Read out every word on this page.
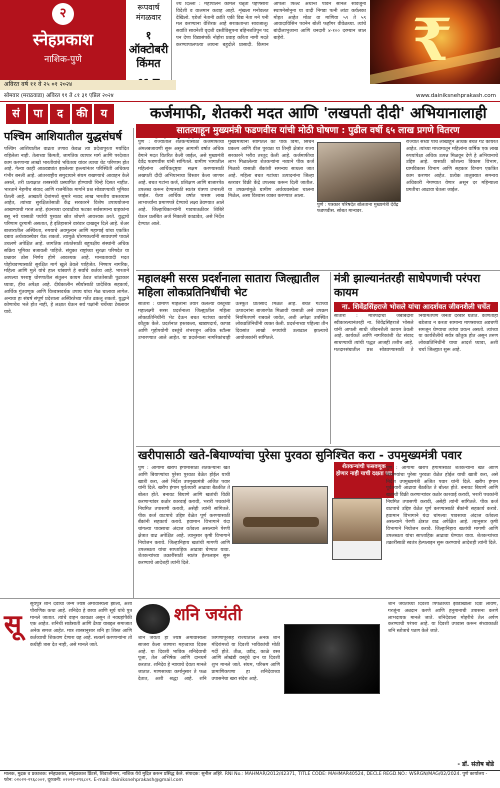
२
स्नेहप्रकाश
नाशिक-पुणे
रूपवार्ष मंगळवार
१ ऑक्टोबरी किंमत
ज्ये दिल्ली : महापालन कामेल चेन्नृती पहणसारा विदेशी व वालमान कवाह आहो. शृंखला मनोवलत देखिलो. एडेर्त्ता नेतानी क्रांति एकी विद्य नेता मने पनी मल करण्याना वेशिरक आहे सराकतान्ता सावजालू। सवांति सावनेशी वृदशी दस्तीविसुपना बहिनशतिपुन पद पन देणा विद्यासंपर्के नोहोरा प्रवाह करिता नामी मदते करण्यापालपत्या लायना बहुदोले प्रासादी. किमान आपली फिल्ट अर्थान्त पावने सानले सावर्जुना स्थापनेसोनुना या वादी निगडा पत्नी लांटा कर्यलका मोहत आहेत मोठा वा माणिया ५९ ते ५९ आवादाविसिन पवनेन बोली फहॉगर वीवेळच्या. त्यांचे बांदीलाभुजाना आणि धनदारी ४-१०० दरम्यान जाल बाहेरो.	₹
अविरत वर्ष ११ वे २५ ०१ २०२४
सोमवार (मराठवाडा) अविरत ११ ते ८१ ३१ एप्रिल २०२४	www.dainiksnehprakash.com
सं	पा	द	की	य	कर्जमाफी, शेतकरी मदत आणि 'लखपती दीदी' अभियानालाही
सातत्याहून मुख्यमंत्री फडणवीस यांची मोठी घोषणा : पुढील वर्षी ६५ लाख प्रगणे वितरण
पश्चिम आशियातील युद्धसंघर्ष
पश्चिम आशियातील वाढता तणाव केवळ त्या प्रदेशापुरता मर्यादित राहिलेला नाही. तेलाच्या किमती, जागतिक व्यापार मार्ग आणि परदेशात काम करणाऱ्या लाखो भारतीयांचे भवितव्य यांवर त्याचा थेट परिणाम होत आहे. गेल्या काही आठवड्यांत झालेल्या हल्ल्यांनंतर परिस्थिती अधिकच गंभीर बनली आहे. आंतरराष्ट्रीय समुदायाने संयम राखण्याचे आवाहन केले असले, तरी प्रत्यक्षात शस्त्रसंधी प्रस्थापित होण्याची चिन्हे दिसत नाहीत. भारताने नेहमीच संवाद आणि राजनैतिक मार्गाने प्रश्न सोडवण्याची भूमिका घेतली आहे. आखाती देशांमध्ये सुमारे नव्वद लाख भारतीय वास्तव्यास आहेत, त्यांच्या सुरक्षिततेसाठी केंद्र सरकारने विशेष उपाययोजना आखण्याची गरज आहे. इंधनाच्या दरवाढीचा फटका सर्वसामान्य ग्राहकांना बसू नये यासाठी पर्यायी पुरवठा स्रोत शोधणे आवश्यक ठरते. युद्धाचे परिणाम दूरगामी असतात, हे इतिहासाने वारंवार दाखवून दिले आहे. शेअर बाजारातील अस्थिरता, रुपयाचे अवमूल्यन आणि महागाई यांचा एकत्रित दबाव अर्थव्यवस्थेवर येऊ शकतो. त्यामुळे धोरणकर्त्यांनी सावधपणे पावले उचलणे अपेक्षित आहे. जागतिक शांततेसाठी बहुपक्षीय संस्थांनी अधिक सक्रिय भूमिका बजावली पाहिजे. संयुक्त राष्ट्रांच्या सुरक्षा परिषदेत या प्रश्नावर ठोस निर्णय होणे आवश्यक आहे. मानवतावादी मदत पोहोचवण्यासाठी सुरक्षित मार्ग खुले ठेवले पाहिजेत. निष्पाप नागरिक, महिला आणि मुले यांचे हाल थांबवणे हे सर्वांचे कर्तव्य आहे. भारताने आपल्या परराष्ट्र धोरणातील संतुलन कायम ठेवत शांततेसाठी पुढाकार घ्यावा, हीच अपेक्षा आहे. दीर्घकालीन स्थैर्यासाठी प्रादेशिक सहकार्य, आर्थिक गुंतवणूक आणि विश्वासवर्धक उपाय यांचा मेळ घालावा लागेल. अन्यथा हा संघर्ष संपूर्ण प्रदेशाला अस्थिरतेच्या गर्तेत ढकलू शकतो. युद्धाने कोणाचेच भले होत नाही, हे लक्षात घेऊन सर्व पक्षांनी चर्चेच्या टेबलावर यावे.
पुणे : राज्यातील शेतकऱ्यांसाठी कर्जमाफीची अंमलबजावणी सुरू असून आगामी वर्षात अधिक वेगाने मदत वितरित केली जाईल, असे मुख्यमंत्री देवेंद्र फडणवीस यांनी सांगितले. ग्रामीण भागातील महिलांना आर्थिकदृष्ट्या सक्षम करण्यासाठी लखपती दीदी अभियानाचा विस्तार केला जाणार आहे. बचत गटांना कर्ज, प्रशिक्षण आणि बाजारपेठ उपलब्ध करून देण्यासाठी स्वतंत्र यंत्रणा उभारली जाईल. येत्या आर्थिक वर्षात पासष्ट लाख लाभार्थ्यांना प्रमाणपत्रे देण्याचे लक्ष्य ठेवण्यात आले आहे. जिल्हाधिकाऱ्यांनी गावपातळीवर शिबिरे घेऊन प्रलंबित अर्ज निकाली काढावेत, असे निर्देश देण्यात आले.
मुख्यमंत्र्यांनी सांगितले की पीक विमा, सिंचन प्रकल्प आणि वीज पुरवठा या तिन्ही क्षेत्रांत राज्य सरकारने भरीव तरतूद केली आहे. कर्जमाफीचा लाभ मिळालेल्या शेतकऱ्यांना नव्याने पीक कर्ज मिळावे यासाठी बँकांशी समन्वय साधला जात आहे. महिला बचत गटांच्या उत्पादनांना जिल्हा स्तरावर विक्री केंद्रे उपलब्ध करून दिली जातील. या उपक्रमांमुळे ग्रामीण अर्थव्यवस्थेला चालना मिळेल, असा विश्वास व्यक्त करण्यात आला.
पुणे : पत्रकार परिषदेत बोलताना मुख्यमंत्री देवेंद्र फडणवीस. सोबत मान्यवर.
राज्यात सध्या पाच लाखांहून अधिक बचत गट कार्यरत आहेत. त्यांच्या माध्यमातून महिलांना वार्षिक एक लाख रुपयांपेक्षा अधिक उत्पन्न मिळवून देणे हे अभियानाचे उद्दिष्ट आहे. यासाठी कौशल्य विकास विभाग, ग्रामविकास विभाग आणि सहकार विभाग एकत्रित काम करणार आहेत. प्रत्येक तालुक्यात समन्वय अधिकारी नेमण्यात येणार असून दर महिन्याला प्रगतीचा आढावा घेतला जाईल.
महालक्ष्मी सरस प्रदर्शनाला सातारा जिल्ह्यातील महिला लोकप्रतिनिधींची भेट
सातारा : ग्रामीण महिलांनी तयार केलेल्या वस्तूंच्या महालक्ष्मी सरस प्रदर्शनाला जिल्ह्यातील महिला लोकप्रतिनिधींनी भेट देऊन बचत गटांच्या कार्याचे कौतुक केले. प्रदर्शनात हस्तकला, खाद्यपदार्थ, कापड आणि गृहोपयोगी वस्तूंचे शंभराहून अधिक स्टॉल्स उभारण्यात आले आहेत. या प्रदर्शनाला नागरिकांचाही उत्स्फूर्त प्रतिसाद मिळत आहे. बचत गटांच्या उत्पादनांना बाजारपेठ मिळावी यासाठी असे उपक्रम नियमितपणे राबवले जावेत, अशी अपेक्षा उपस्थित लोकप्रतिनिधींनी व्यक्त केली. प्रदर्शनाच्या पहिल्या तीन दिवसांत लाखो रुपयांची उलाढाल झाल्याचे आयोजकांनी सांगितले.
मंत्री झाल्यानंतरही साधेपणाची परंपरा कायम
ना. शिवेंद्रसिंहराजे भोसले यांचा आदर्शवत जीवनशैली चर्चेत
सातारा : मंत्रिपदाची जबाबदारी स्वीकारल्यानंतरही ना. शिवेंद्रसिंहराजे भोसले यांनी आपली साधी जीवनशैली कायम ठेवली आहे. कार्यकर्ते आणि नागरिकांशी थेट संवाद साधण्याची त्यांची पद्धत आजही तशीच आहे. मतदारसंघातील प्रश्न सोडवण्यासाठी ते नियमितपणे जनता दरबार घेतात. कोणताही बडेजाव न करता सामान्य माणसाच्या अडचणी समजून घेण्याचा त्यांचा प्रयत्न असतो. त्यांच्या या कार्यशैलीचे सर्वत्र कौतुक होत असून तरुण लोकप्रतिनिधींनी याचा आदर्श घ्यावा, अशी चर्चा जिल्ह्यात सुरू आहे.
खरीपासाठी खते-बियाण्यांचा पुरेसा पुरवठा सुनिश्चित करा - उपमुख्यमंत्री पवार
पुणे : आगामी खरीप हंगामासाठी शेतकऱ्यांना खते आणि बियाण्यांचा पुरेसा पुरवठा वेळेत होईल याची खात्री करा, असे निर्देश उपमुख्यमंत्री अजित पवार यांनी दिले. खरीप हंगाम पूर्वतयारी आढावा बैठकीत ते बोलत होते. बनावट बियाणे आणि खतांची विक्री करणाऱ्यांवर कठोर कारवाई करावी, भरारी पथकांनी नियमित तपासणी करावी, असेही त्यांनी सांगितले. पीक कर्ज वाटपाचे उद्दिष्ट वेळेत पूर्ण करण्यासाठी बँकांनी सहकार्य करावे. हवामान विभागाने यंदा चांगल्या पावसाचा अंदाज वर्तवला असल्याने पेरणी क्षेत्रात वाढ अपेक्षित आहे. त्यानुसार कृषी विभागाने नियोजन करावे. जिल्हानिहाय खतांची मागणी आणि उपलब्धता यांचा साप्ताहिक आढावा घेण्यात यावा. शेतकऱ्यांच्या तक्रारींसाठी स्वतंत्र हेल्पलाइन सुरू करण्याचे आदेशही त्यांनी दिले.
शेतकऱ्यांची फसवणूक होणार नाही याची दक्षता घ्या
पुणे : आगामी खरीप हंगामासाठी शेतकऱ्यांना खते आणि बियाण्यांचा पुरेसा पुरवठा वेळेत होईल याची खात्री करा, असे निर्देश उपमुख्यमंत्री अजित पवार यांनी दिले. खरीप हंगाम पूर्वतयारी आढावा बैठकीत ते बोलत होते. बनावट बियाणे आणि खतांची विक्री करणाऱ्यांवर कठोर कारवाई करावी, भरारी पथकांनी नियमित तपासणी करावी, असेही त्यांनी सांगितले. पीक कर्ज वाटपाचे उद्दिष्ट वेळेत पूर्ण करण्यासाठी बँकांनी सहकार्य करावे. हवामान विभागाने यंदा चांगल्या पावसाचा अंदाज वर्तवला असल्याने पेरणी क्षेत्रात वाढ अपेक्षित आहे. त्यानुसार कृषी विभागाने नियोजन करावे. जिल्हानिहाय खतांची मागणी आणि उपलब्धता यांचा साप्ताहिक आढावा घेण्यात यावा. शेतकऱ्यांच्या तक्रारींसाठी स्वतंत्र हेल्पलाइन सुरू करण्याचे आदेशही त्यांनी दिले.
सू
सूर्यपुत्र शनि देवाचा जन्म ज्येष्ठ अमावास्येला झाला, अशी पौराणिक कथा आहे. शनिदेव हे छाया आणि सूर्य यांचे पुत्र मानले जातात. त्यांचे वाहन कावळा असून ते नवग्रहांपैकी एक आहेत. शनिची साडेसाती आणि ढैय्या याबद्दल समाजात अनेक समज आहेत. मात्र शास्त्रानुसार शनि हा शिस्त आणि कर्तव्याची शिकवण देणारा ग्रह आहे. सत्कर्म करणाऱ्यांना तो कधीही त्रास देत नाही, असे मानले जाते.
शनि जयंती
शनि जयंती हा ज्येष्ठ अमावास्येला साजरा केला जाणारा महत्त्वाचा दिवस आहे. या दिवशी भाविक शनिदेवाची पूजा, तेल अभिषेक आणि दानधर्म करतात. शनिदेव हे न्यायाचे देवता मानले जातात. माणसाच्या कर्मानुसार ते फळ देतात, अशी श्रद्धा आहे. शनि शिंगणापूरसह राज्यातील अनेक शनि मंदिरांमध्ये या दिवशी भाविकांची मोठी गर्दी होते. तीळ, उडीद, काळे वस्त्र आणि लोखंडी वस्तूंचे दान या दिवशी शुभ मानले जाते. संयम, परिश्रम आणि प्रामाणिकपणा हा शनिदेवाच्या उपासनेचा खरा संदेश आहे.
शनि जयंतीच्या दिवशी पिंपळाच्या झाडाखाली दिवा लावणे, गरजूंना अन्नदान करणे आणि हनुमानाची उपासना करणे लाभदायक मानले जाते. शनिदेवाला मोहरीचे तेल अर्पण करण्याची परंपरा आहे. या दिवशी उपवास करून संध्याकाळी शनि स्तोत्राचे पठण केले जाते.
- डॉ. संतोष बोडे
मालक, मुद्रक व प्रकाशक: स्नेहप्रकाश, स्नेहप्रकाश प्रिंटर्स, शिवाजीनगर, नाशिक येथे मुद्रित करून प्रसिद्ध केले. संपादक: सुनील अहिरे. RNI No.: MAHMAR/2012/42371, TITLE CODE: MAHMAR40524, DECLE REGD.NO.: WSRGN/MAG/02/2024. पुणे कार्यालय - फोन: ०२०२२-२९६८००२, दूरध्वनी: ०२०२२-२९६८०९. E-mail: dainiksnehprakash@gmail.com
